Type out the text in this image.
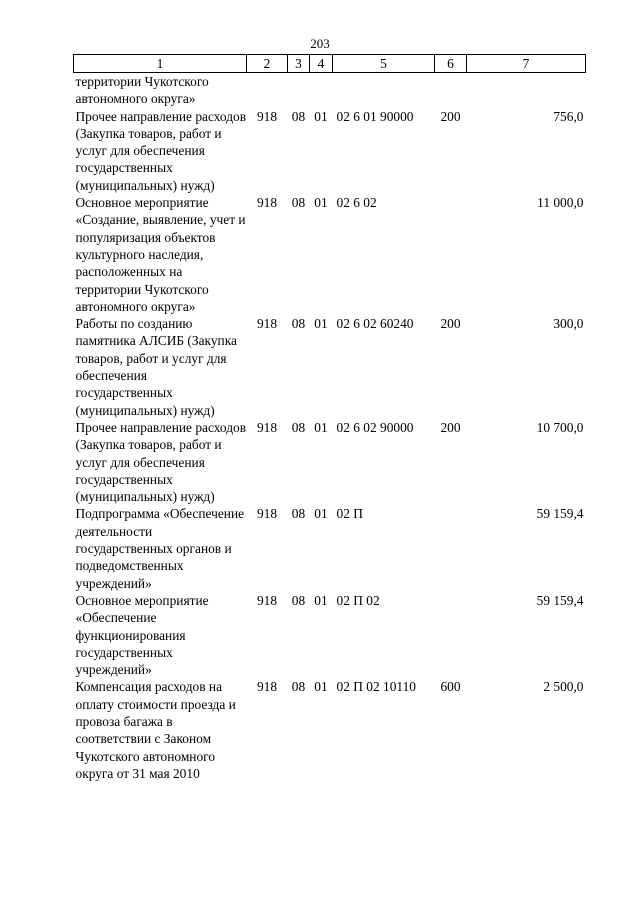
203
1	2	3	4	5	6	7
территории Чукотского автономного округа»						
Прочее направление расходов (Закупка товаров, работ и услуг для обеспечения государственных (муниципальных) нужд)	918	08	01	02 6 01 90000	200	756,0
Основное мероприятие «Создание, выявление, учет и популяризация объектов культурного наследия, расположенных на территории Чукотского автономного округа»	918	08	01	02 6 02		11 000,0
Работы по созданию памятника АЛСИБ (Закупка товаров, работ и услуг для обеспечения государственных (муниципальных) нужд)	918	08	01	02 6 02 60240	200	300,0
Прочее направление расходов (Закупка товаров, работ и услуг для обеспечения государственных (муниципальных) нужд)	918	08	01	02 6 02 90000	200	10 700,0
Подпрограмма «Обеспечение деятельности государственных органов и подведомственных учреждений»	918	08	01	02 П		59 159,4
Основное мероприятие «Обеспечение функционирования государственных учреждений»	918	08	01	02 П 02		59 159,4
Компенсация расходов на оплату стоимости проезда и провоза багажа в соответствии с Законом Чукотского автономного округа от 31 мая 2010	918	08	01	02 П 02 10110	600	2 500,0
